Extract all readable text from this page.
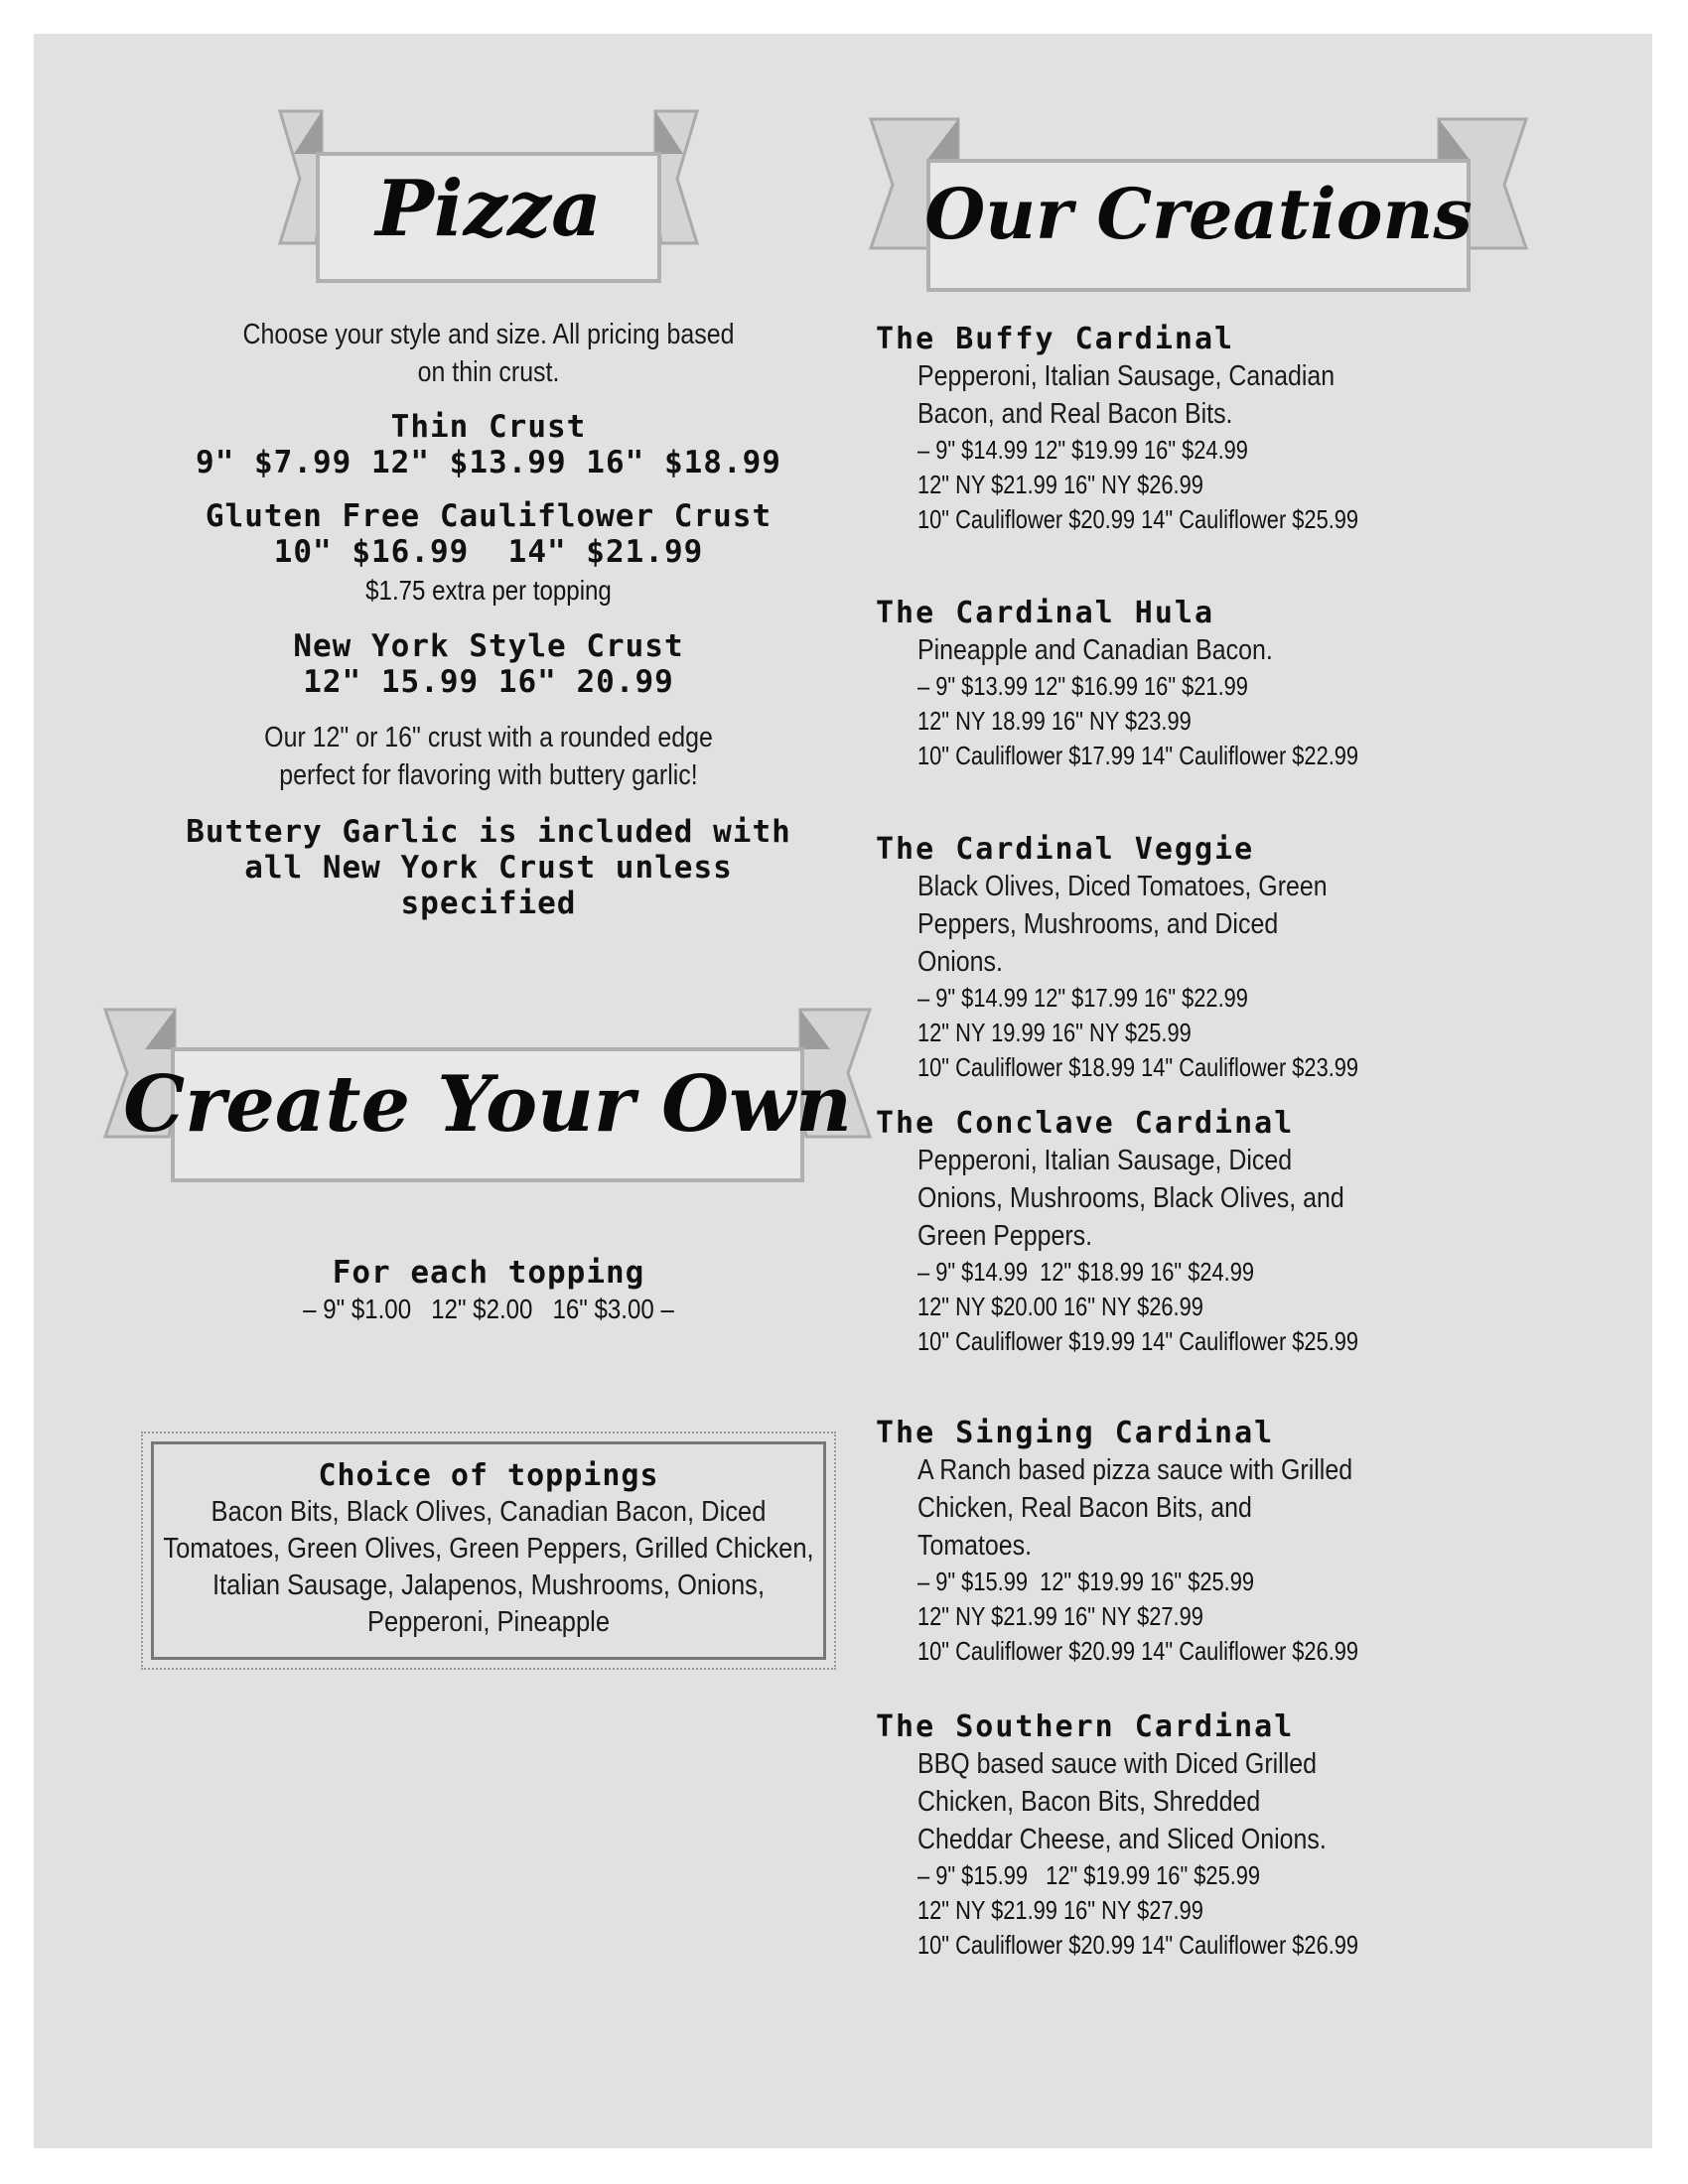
Pizza
Choose your style and size. All pricing based on thin crust.
Thin Crust
9" $7.99 12" $13.99 16" $18.99
Gluten Free Cauliflower Crust
10" $16.99  14" $21.99
$1.75 extra per topping
New York Style Crust
12" 15.99 16" 20.99
Our 12" or 16" crust with a rounded edge perfect for flavoring with buttery garlic!
Buttery Garlic is included with all New York Crust unless specified
Create Your Own
For each topping
– 9" $1.00   12" $2.00   16" $3.00 –
Choice of toppings
Bacon Bits, Black Olives, Canadian Bacon, Diced Tomatoes, Green Olives, Green Peppers, Grilled Chicken, Italian Sausage, Jalapenos, Mushrooms, Onions, Pepperoni, Pineapple
Our Creations
The Buffy Cardinal
Pepperoni, Italian Sausage, Canadian Bacon, and Real Bacon Bits.
– 9" $14.99 12" $19.99 16" $24.99
12" NY $21.99 16" NY $26.99
10" Cauliflower $20.99 14" Cauliflower $25.99
The Cardinal Hula
Pineapple and Canadian Bacon.
– 9" $13.99 12" $16.99 16" $21.99
12" NY 18.99 16" NY $23.99
10" Cauliflower $17.99 14" Cauliflower $22.99
The Cardinal Veggie
Black Olives, Diced Tomatoes, Green Peppers, Mushrooms, and Diced Onions.
– 9" $14.99 12" $17.99 16" $22.99
12" NY 19.99 16" NY $25.99
10" Cauliflower $18.99 14" Cauliflower $23.99
The Conclave Cardinal
Pepperoni, Italian Sausage, Diced Onions, Mushrooms, Black Olives, and Green Peppers.
– 9" $14.99  12" $18.99 16" $24.99
12" NY $20.00 16" NY $26.99
10" Cauliflower $19.99 14" Cauliflower $25.99
The Singing Cardinal
A Ranch based pizza sauce with Grilled Chicken, Real Bacon Bits, and Tomatoes.
– 9" $15.99  12" $19.99 16" $25.99
12" NY $21.99 16" NY $27.99
10" Cauliflower $20.99 14" Cauliflower $26.99
The Southern Cardinal
BBQ based sauce with Diced Grilled Chicken, Bacon Bits, Shredded Cheddar Cheese, and Sliced Onions.
– 9" $15.99   12" $19.99 16" $25.99
12" NY $21.99 16" NY $27.99
10" Cauliflower $20.99 14" Cauliflower $26.99
